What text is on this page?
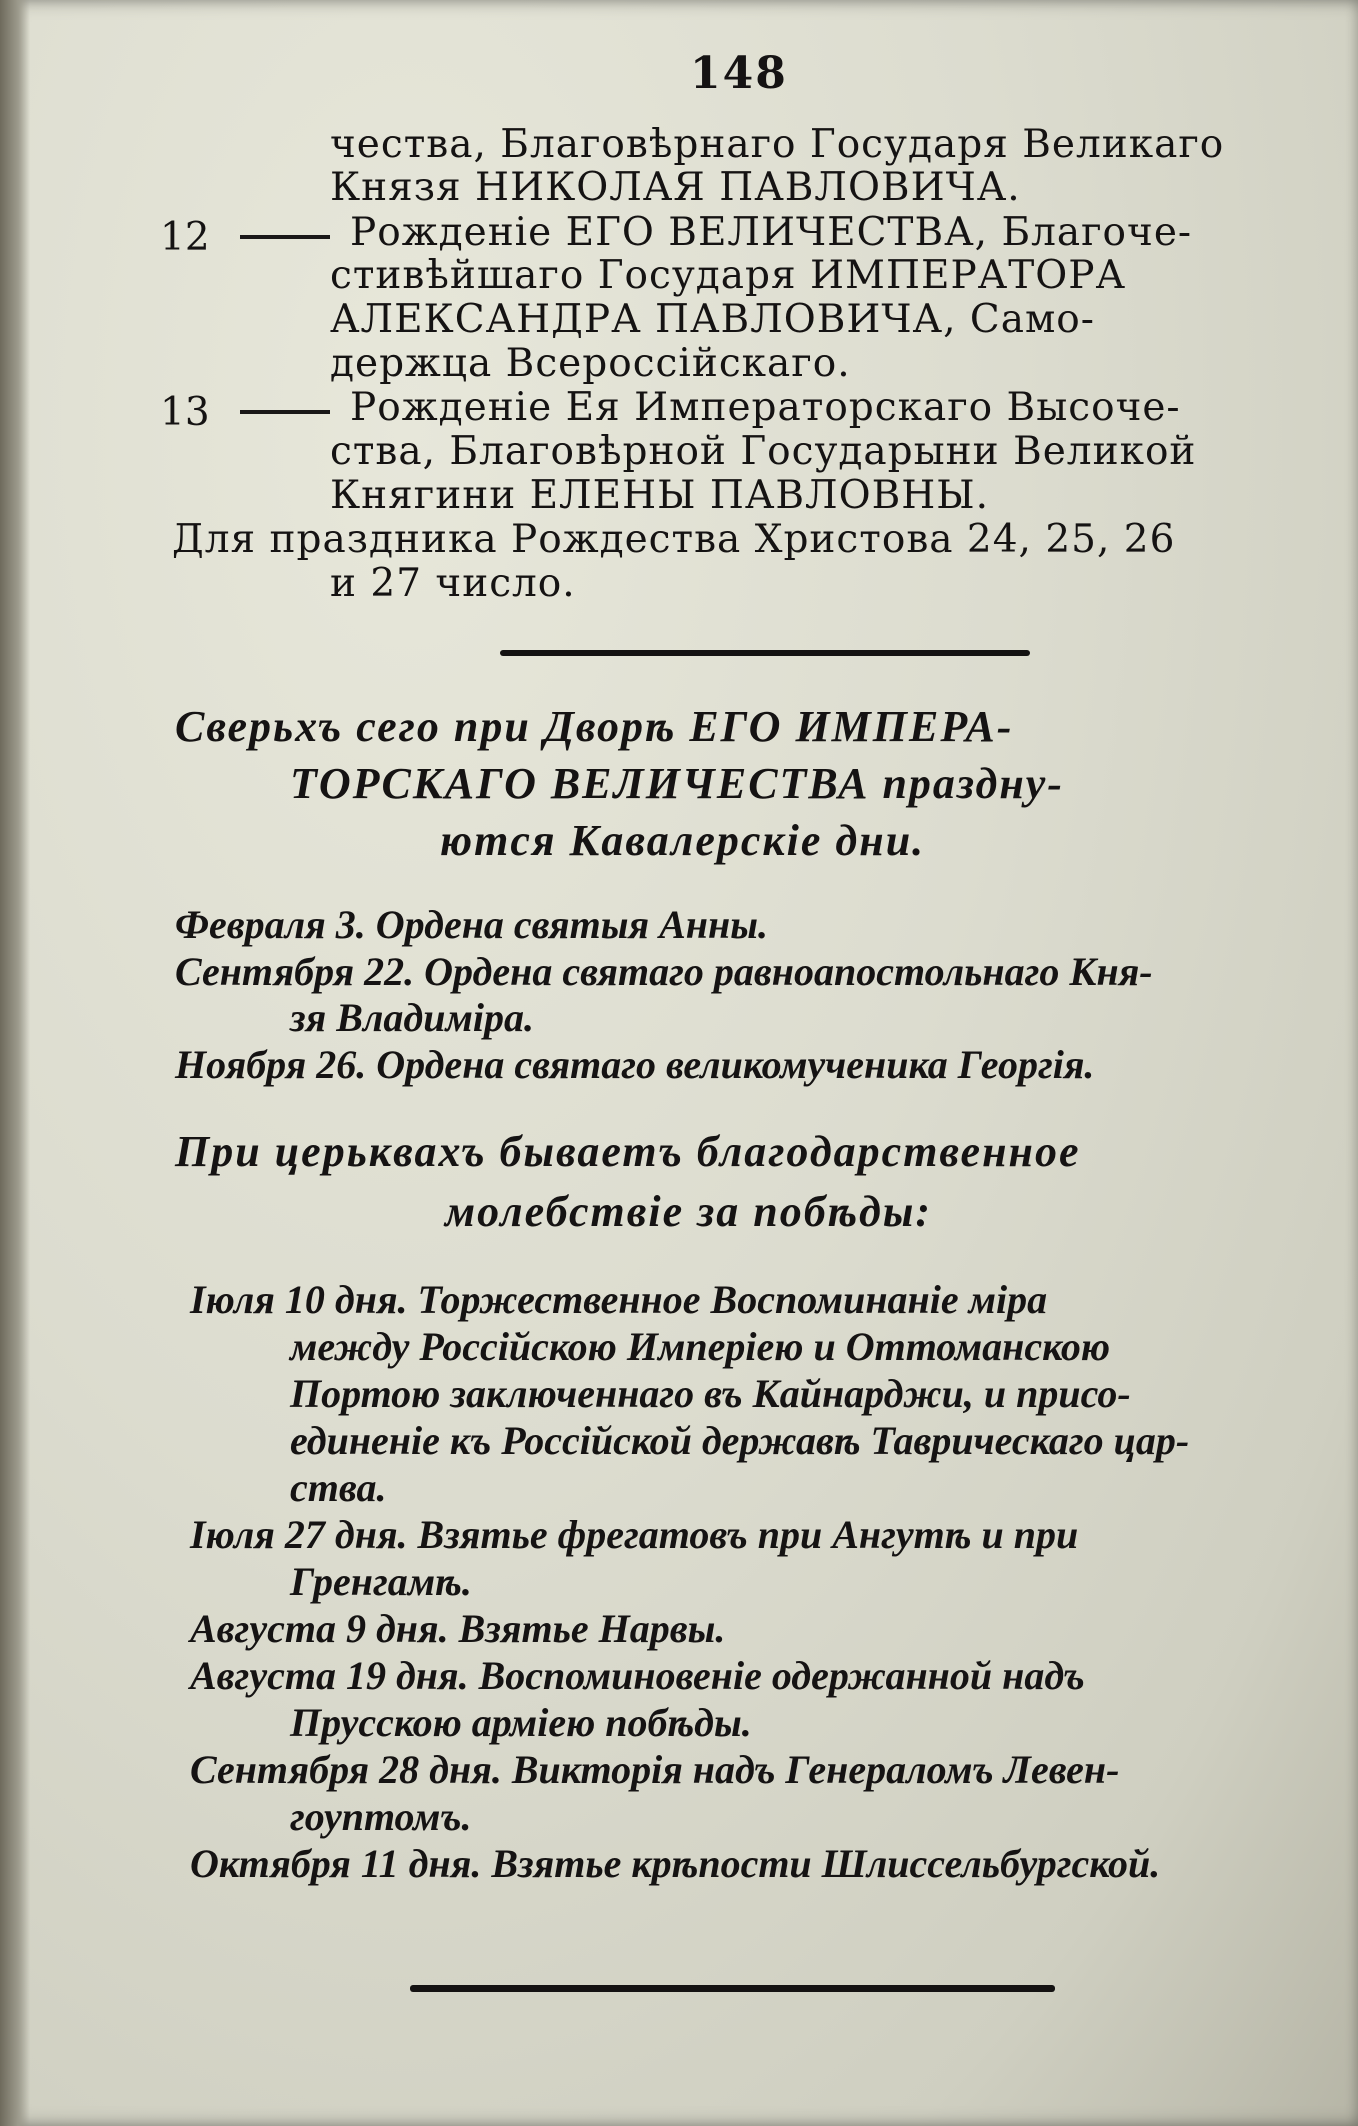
148
чества, Благовѣрнаго Государя Великаго
Князя НИКОЛАЯ ПАВЛОВИЧА.
12	Рожденіе ЕГО ВЕЛИЧЕСТВА, Благоче-
стивѣйшаго Государя ИМПЕРАТОРА
АЛЕКСАНДРА ПАВЛОВИЧА, Само-
держца Всероссійскаго.
13	Рожденіе Ея Императорскаго Высоче-
ства, Благовѣрной Государыни Великой
Княгини ЕЛЕНЫ ПАВЛОВНЫ.
Для праздника Рождества Христова 24, 25, 26
и 27 число.
Сверьхъ сего при Дворѣ ЕГО ИМПЕРА-
ТОРСКАГО ВЕЛИЧЕСТВА праздну-
ются Кавалерскіе дни.
Февраля 3. Ордена святыя Анны.
Сентября 22. Ордена святаго равноапостольнаго Кня-
зя Владиміра.
Ноября 26. Ордена святаго великомученика Георгія.
При церьквахъ бываетъ благодарственное
молебствіе за побѣды:
Іюля 10 дня. Торжественное Воспоминаніе міра
между Россійскою Имперіею и Оттоманскою
Портою заключеннаго въ Кайнарджи, и присо-
единеніе къ Россійской державѣ Таврическаго цар-
ства.
Іюля 27 дня. Взятье фрегатовъ при Ангутѣ и при
Гренгамѣ.
Августа 9 дня. Взятье Нарвы.
Августа 19 дня. Воспоминовеніе одержанной надъ
Прусскою арміею побѣды.
Сентября 28 дня. Викторія надъ Генераломъ Левен-
гоуптомъ.
Октября 11 дня. Взятье крѣпости Шлиссельбургской.
